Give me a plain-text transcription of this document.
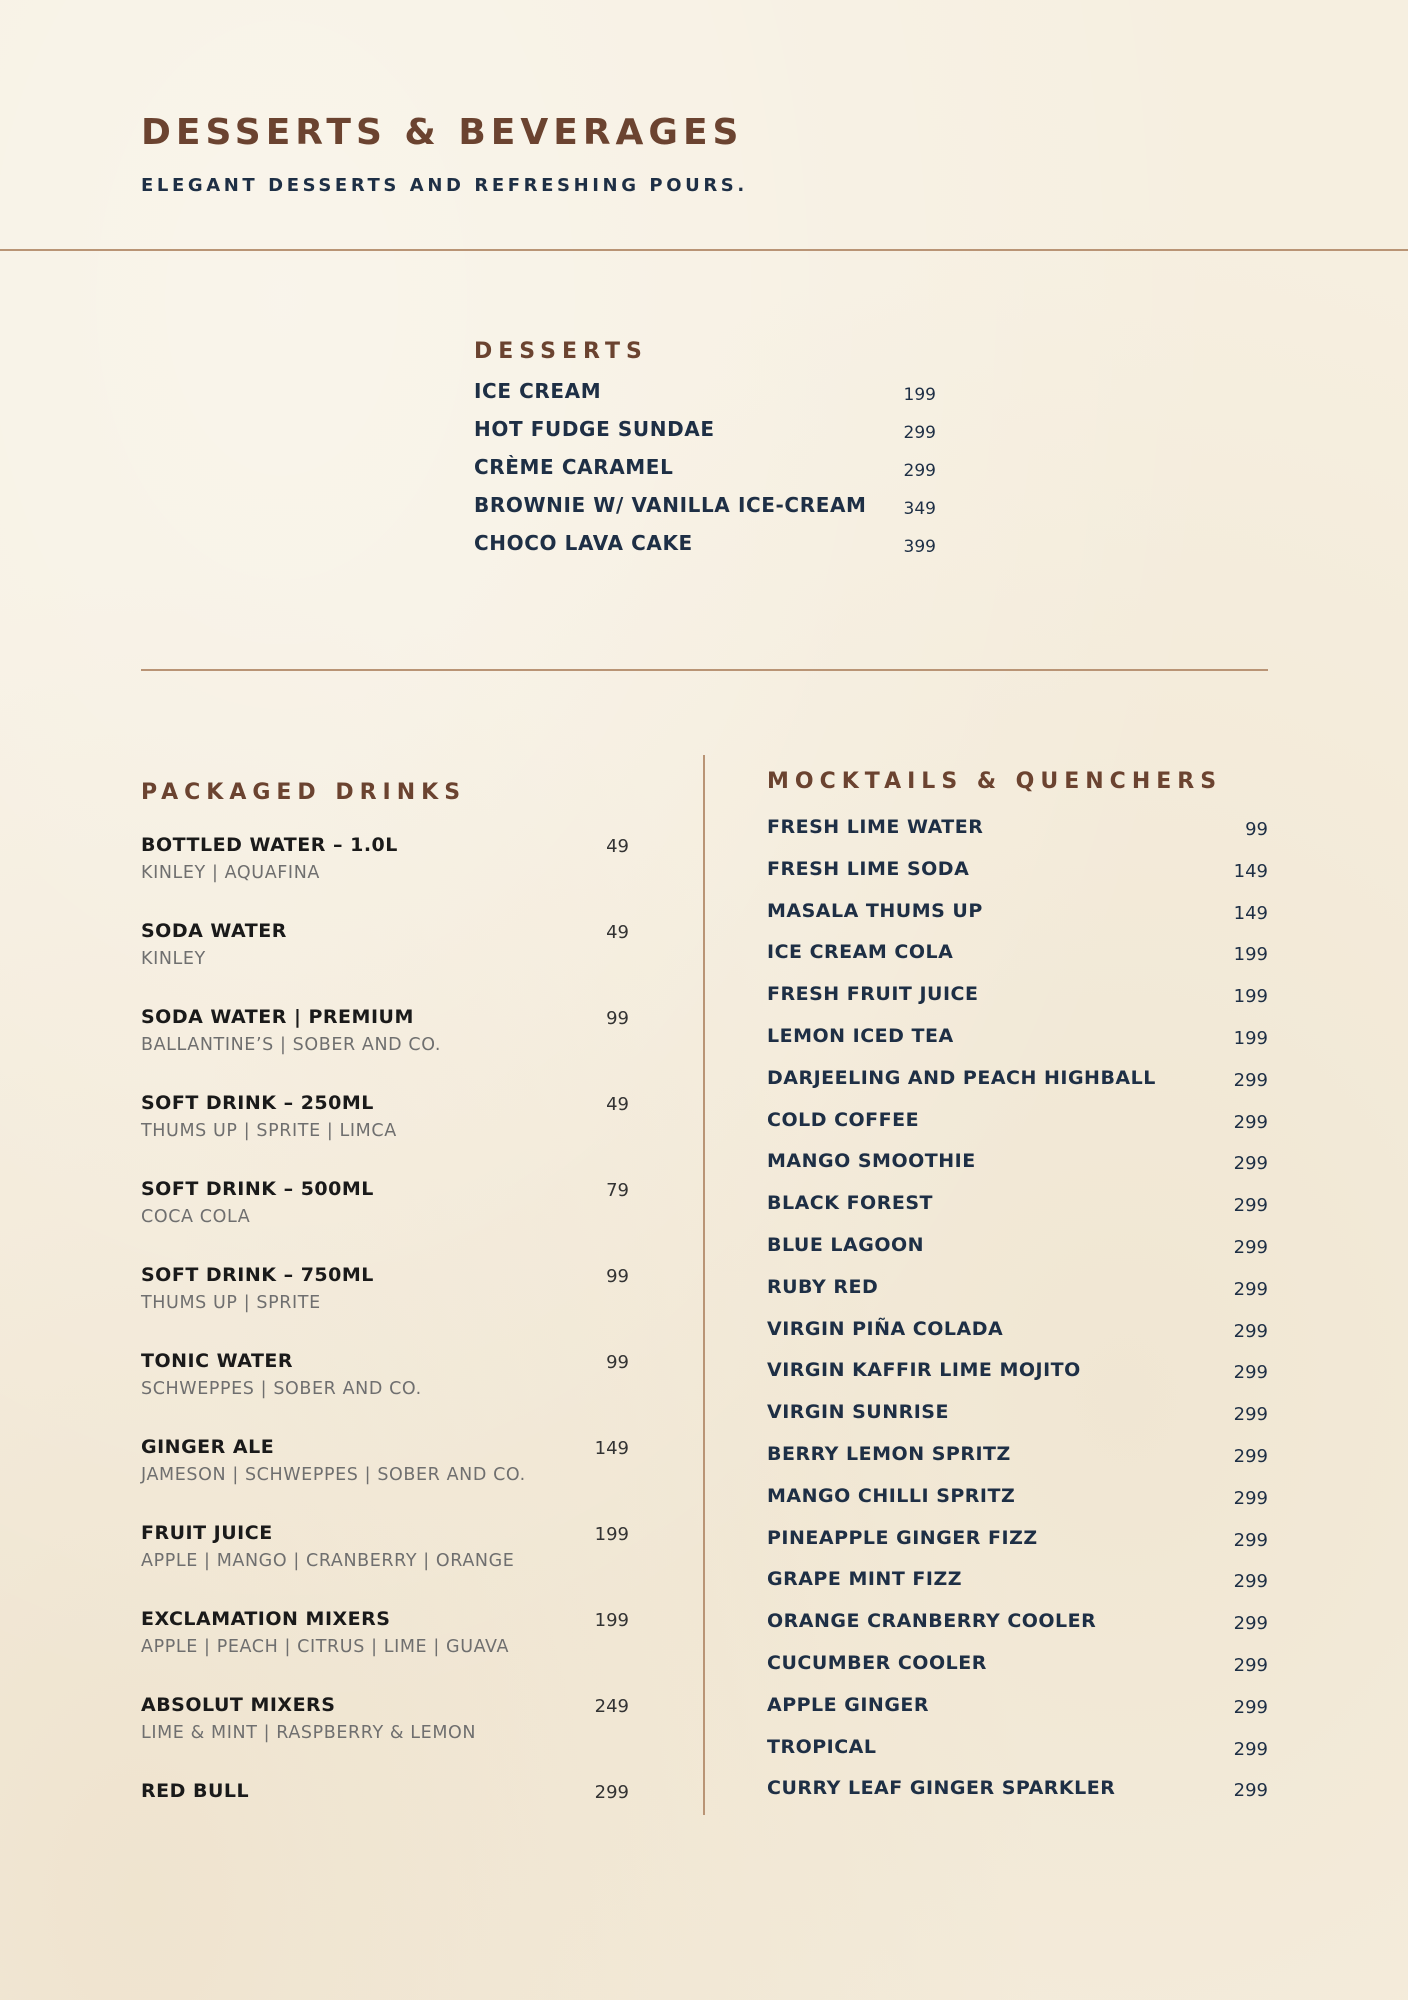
DESSERTS & BEVERAGES

ELEGANT DESSERTS AND REFRESHING POURS.

DESSERTS
ICE CREAM	199
HOT FUDGE SUNDAE	299
CRÈME CARAMEL	299
BROWNIE W/ VANILLA ICE-CREAM 349
CHOCO LAVA CAKE	399
PACKAGED DRINKS
BOTTLED WATER – 1.0L
KINLEY | AQUAFINA
49
SODA WATER
KINLEY
49
SODA WATER | PREMIUM
BALLANTINE’S | SOBER AND CO.
99
SOFT DRINK – 250ML
THUMS UP | SPRITE | LIMCA
49
SOFT DRINK – 500ML
COCA COLA
79
SOFT DRINK – 750ML
THUMS UP | SPRITE
99
TONIC WATER
SCHWEPPES | SOBER AND CO.
99
GINGER ALE
JAMESON | SCHWEPPES | SOBER AND CO.
149
FRUIT JUICE
APPLE | MANGO | CRANBERRY | ORANGE
199
EXCLAMATION MIXERS
APPLE | PEACH | CITRUS | LIME | GUAVA
199
ABSOLUT MIXERS
LIME & MINT | RASPBERRY & LEMON
249
RED BULL	299
MOCKTAILS & QUENCHERS
FRESH LIME WATER	99
FRESH LIME SODA	149
MASALA THUMS UP	149
ICE CREAM COLA	199
FRESH FRUIT JUICE	199
LEMON ICED TEA	199
DARJEELING AND PEACH HIGHBALL	299
COLD COFFEE	299
MANGO SMOOTHIE	299
BLACK FOREST	299
BLUE LAGOON	299
RUBY RED	299
VIRGIN PIÑA COLADA	299
VIRGIN KAFFIR LIME MOJITO	299
VIRGIN SUNRISE	299
BERRY LEMON SPRITZ	299
MANGO CHILLI SPRITZ	299
PINEAPPLE GINGER FIZZ	299
GRAPE MINT FIZZ	299
ORANGE CRANBERRY COOLER	299
CUCUMBER COOLER	299
APPLE GINGER	299
TROPICAL	299
CURRY LEAF GINGER SPARKLER	299
